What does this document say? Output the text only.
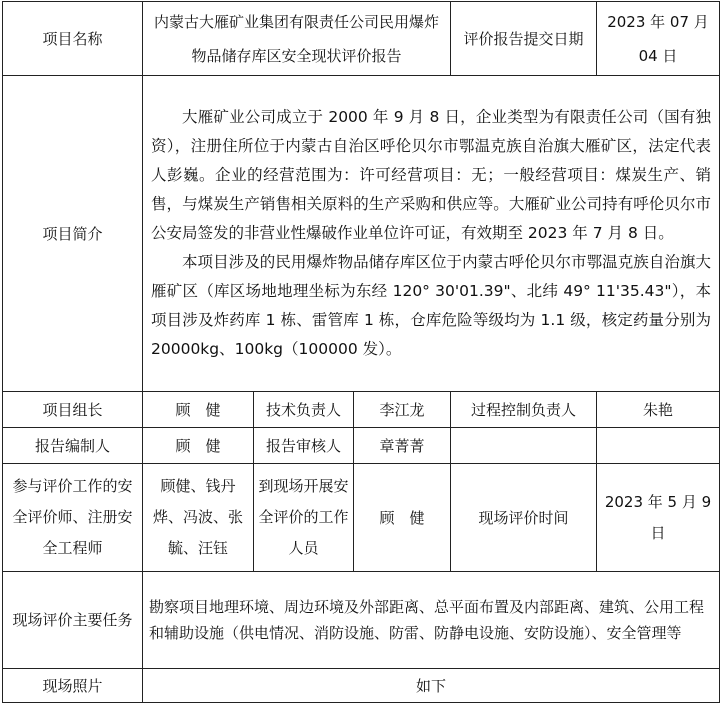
项目名称	内蒙古大雁矿业集团有限责任公司民用爆炸物品储存库区安全现状评价报告			评价报告提交日期	2023 年 07 月 04 日
项目简介	大雁矿业公司成立于 2000 年 9 月 8 日，企业类型为有限责任公司（国有独资），注册住所位于内蒙古自治区呼伦贝尔市鄂温克族自治旗大雁矿区，法定代表人彭巍。企业的经营范围为：许可经营项目：无；一般经营项目：煤炭生产、销售，与煤炭生产销售相关原料的生产采购和供应等。大雁矿业公司持有呼伦贝尔市公安局签发的非营业性爆破作业单位许可证，有效期至 2023 年 7 月 8 日。

本项目涉及的民用爆炸物品储存库区位于内蒙古呼伦贝尔市鄂温克族自治旗大雁矿区（库区场地地理坐标为东经 120° 30'01.39"、北纬 49° 11'35.43"），本项目涉及炸药库 1 栋、雷管库 1 栋，仓库危险等级均为 1.1 级，核定药量分别为 20000kg、100kg（100000 发）。				

项目组长	顾　健	技术负责人	李江龙	过程控制负责人	朱艳
报告编制人	顾　健	报告审核人	章菁菁		
参与评价工作的安全评价师、注册安全工程师	顾健、钱丹烨、冯波、张毓、汪钰	到现场开展安全评价的工作人员	顾　健	现场评价时间	2023 年 5 月 9 日
现场评价主要任务	勘察项目地理环境、周边环境及外部距离、总平面布置及内部距离、建筑、公用工程和辅助设施（供电情况、消防设施、防雷、防静电设施、安防设施）、安全管理等				
现场照片	如下				
